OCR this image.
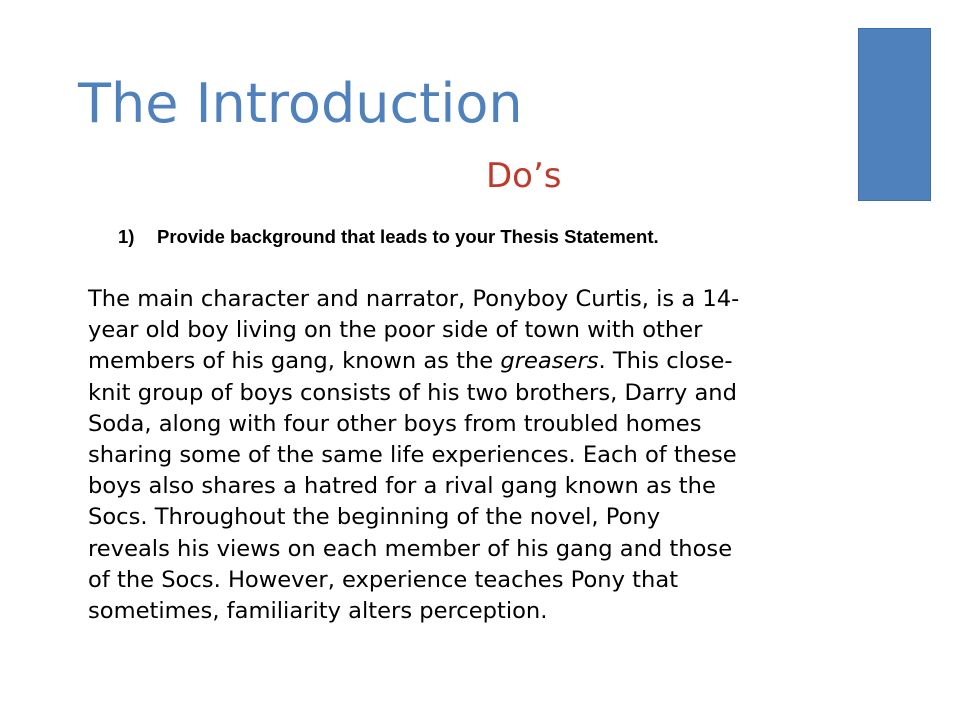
The Introduction
Do’s

1) Provide background that leads to your Thesis Statement.

The main character and narrator, Ponyboy Curtis, is a 14-
year old boy living on the poor side of town with other
members of his gang, known as the greasers. This close-
knit group of boys consists of his two brothers, Darry and
Soda, along with four other boys from troubled homes
sharing some of the same life experiences. Each of these
boys also shares a hatred for a rival gang known as the
Socs. Throughout the beginning of the novel, Pony
reveals his views on each member of his gang and those
of the Socs. However, experience teaches Pony that
sometimes, familiarity alters perception.
